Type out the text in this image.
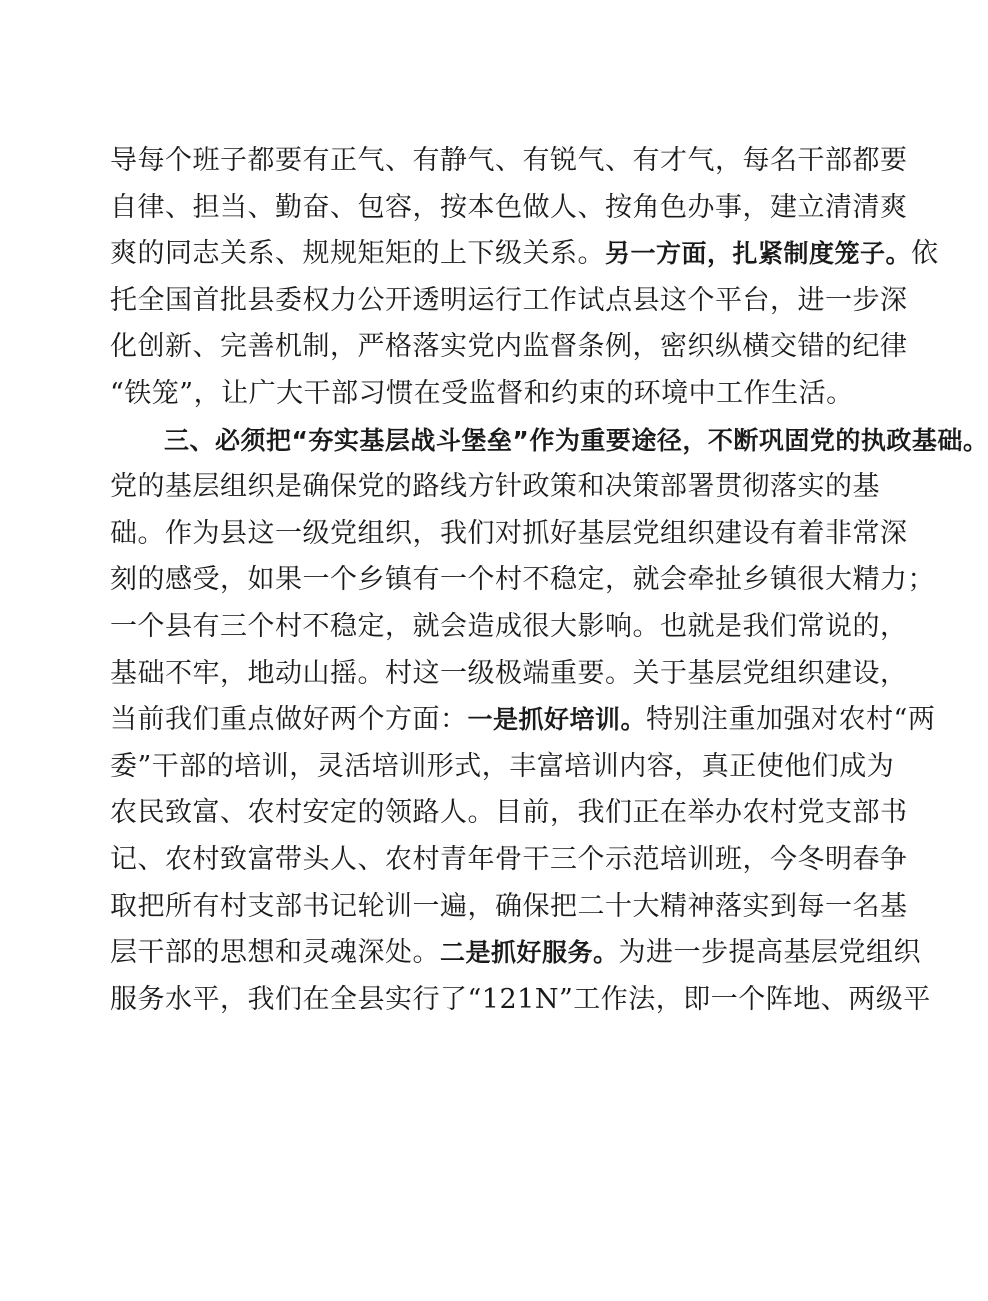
导每个班子都要有正气、有静气、有锐气、有才气，每名干部都要
自律、担当、勤奋、包容，按本色做人、按角色办事，建立清清爽
爽的同志关系、规规矩矩的上下级关系。另一方面，扎紧制度笼子。依
托全国首批县委权力公开透明运行工作试点县这个平台，进一步深
化创新、完善机制，严格落实党内监督条例，密织纵横交错的纪律
“铁笼”，让广大干部习惯在受监督和约束的环境中工作生活。
三、必须把“夯实基层战斗堡垒”作为重要途径，不断巩固党的执政基础。
党的基层组织是确保党的路线方针政策和决策部署贯彻落实的基
础。作为县这一级党组织，我们对抓好基层党组织建设有着非常深
刻的感受，如果一个乡镇有一个村不稳定，就会牵扯乡镇很大精力；
一个县有三个村不稳定，就会造成很大影响。也就是我们常说的，
基础不牢，地动山摇。村这一级极端重要。关于基层党组织建设，
当前我们重点做好两个方面：一是抓好培训。特别注重加强对农村“两
委”干部的培训，灵活培训形式，丰富培训内容，真正使他们成为
农民致富、农村安定的领路人。目前，我们正在举办农村党支部书
记、农村致富带头人、农村青年骨干三个示范培训班，今冬明春争
取把所有村支部书记轮训一遍，确保把二十大精神落实到每一名基
层干部的思想和灵魂深处。二是抓好服务。为进一步提高基层党组织
服务水平，我们在全县实行了“121N”工作法，即一个阵地、两级平
